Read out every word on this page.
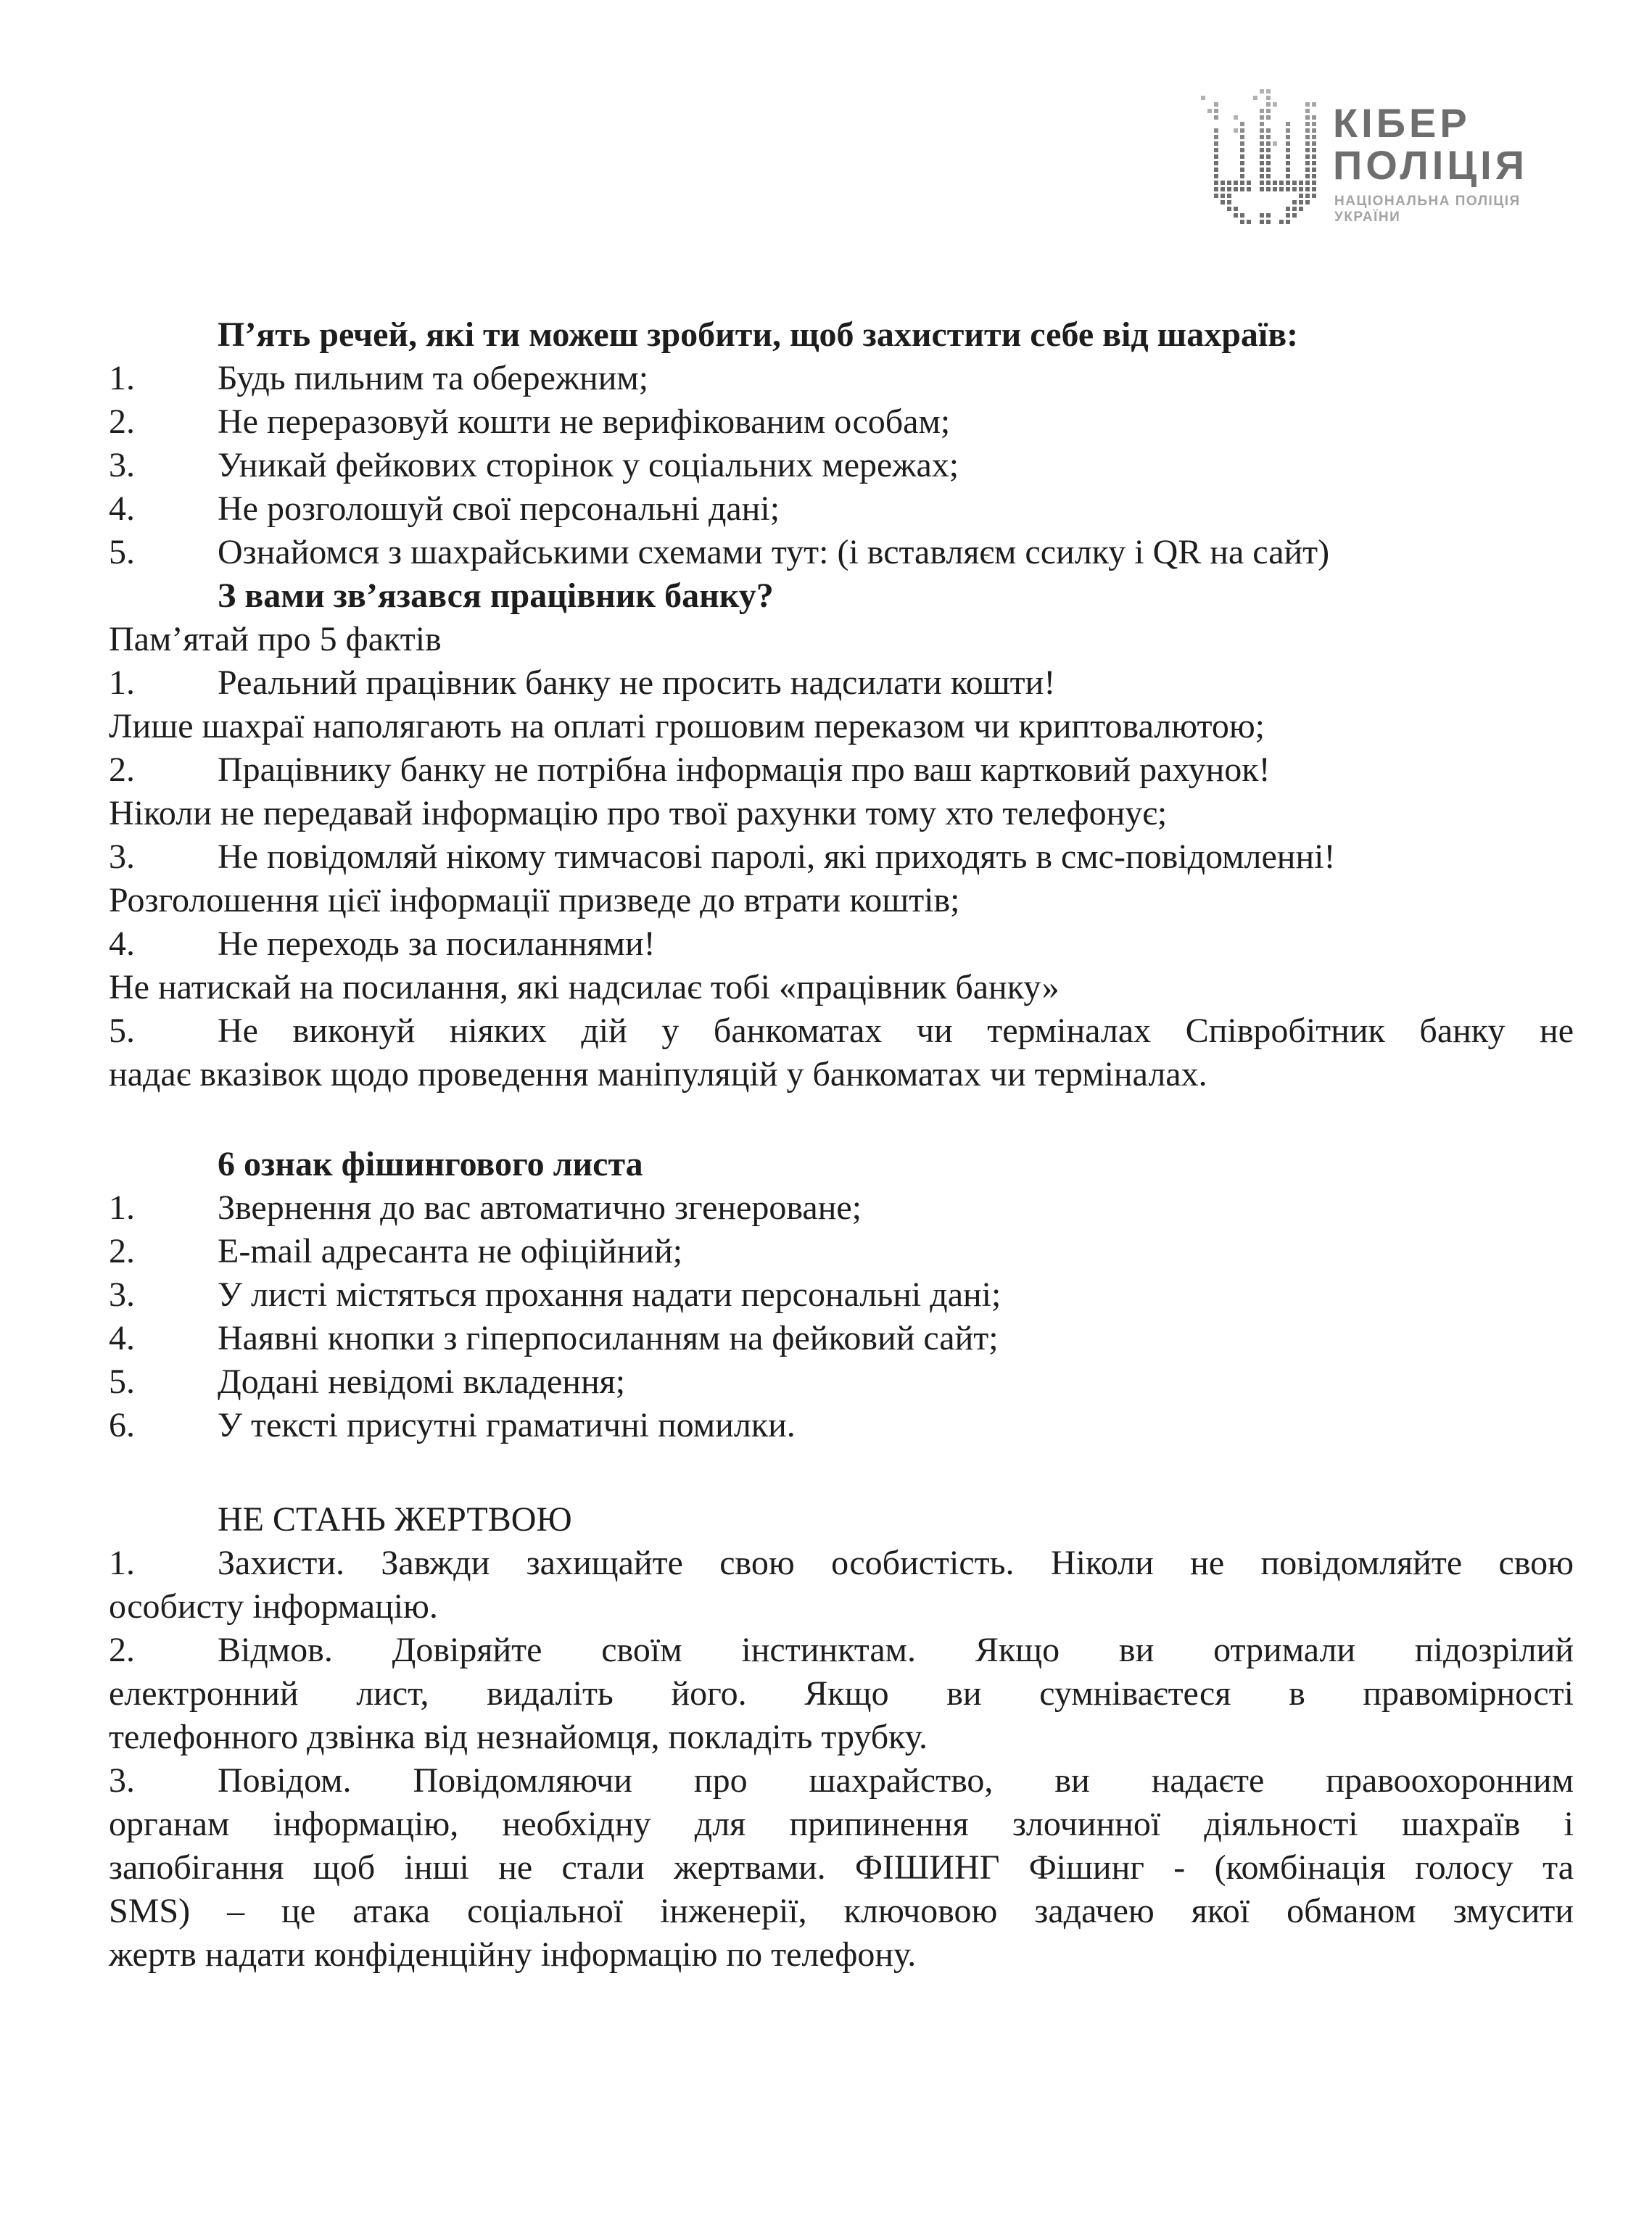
КІБЕР
ПОЛІЦІЯ
НАЦІОНАЛЬНА ПОЛІЦІЯ
УКРАЇНИ
П’ять речей, які ти можеш зробити, щоб захистити себе від шахраїв:
1.	Будь пильним та обережним;
2.	Не переразовуй кошти не верифікованим особам;
3.	Уникай фейкових сторінок у соціальних мережах;
4.	Не розголошуй свої персональні дані;
5.	Ознайомся з шахрайськими схемами тут: (і вставляєм ссилку і QR на сайт)
З вами зв’язався працівник банку?
Пам’ятай про 5 фактів
1.	Реальний працівник банку не просить надсилати кошти!
Лише шахраї наполягають на оплаті грошовим переказом чи криптовалютою;
2.	Працівнику банку не потрібна інформація про ваш картковий рахунок!
Ніколи не передавай інформацію про твої рахунки тому хто телефонує;
3.	Не повідомляй нікому тимчасові паролі, які приходять в смс-повідомленні!
Розголошення цієї інформації призведе до втрати коштів;
4.	Не переходь за посиланнями!
Не натискай на посилання, які надсилає тобі «працівник банку»
5.	Не виконуй ніяких дій у банкоматах чи терміналах Співробітник банку не
надає вказівок щодо проведення маніпуляцій у банкоматах чи терміналах.
6 ознак фішингового листа
1.	Звернення до вас автоматично згенероване;
2.	E-mail адресанта не офіційний;
3.	У листі містяться прохання надати персональні дані;
4.	Наявні кнопки з гіперпосиланням на фейковий сайт;
5.	Додані невідомі вкладення;
6.	У тексті присутні граматичні помилки.
НЕ СТАНЬ ЖЕРТВОЮ
1.	Захисти. Завжди захищайте свою особистість. Ніколи не повідомляйте свою
особисту інформацію.
2.	Відмов. Довіряйте своїм інстинктам. Якщо ви отримали підозрілий
електронний лист, видаліть його. Якщо ви сумніваєтеся в правомірності
телефонного дзвінка від незнайомця, покладіть трубку.
3.	Повідом. Повідомляючи про шахрайство, ви надаєте правоохоронним
органам інформацію, необхідну для припинення злочинної діяльності шахраїв і
запобігання щоб інші не стали жертвами. ФІШИНГ Фішинг - (комбінація голосу та
SMS) – це атака соціальної інженерії, ключовою задачею якої обманом змусити
жертв надати конфіденційну інформацію по телефону.
